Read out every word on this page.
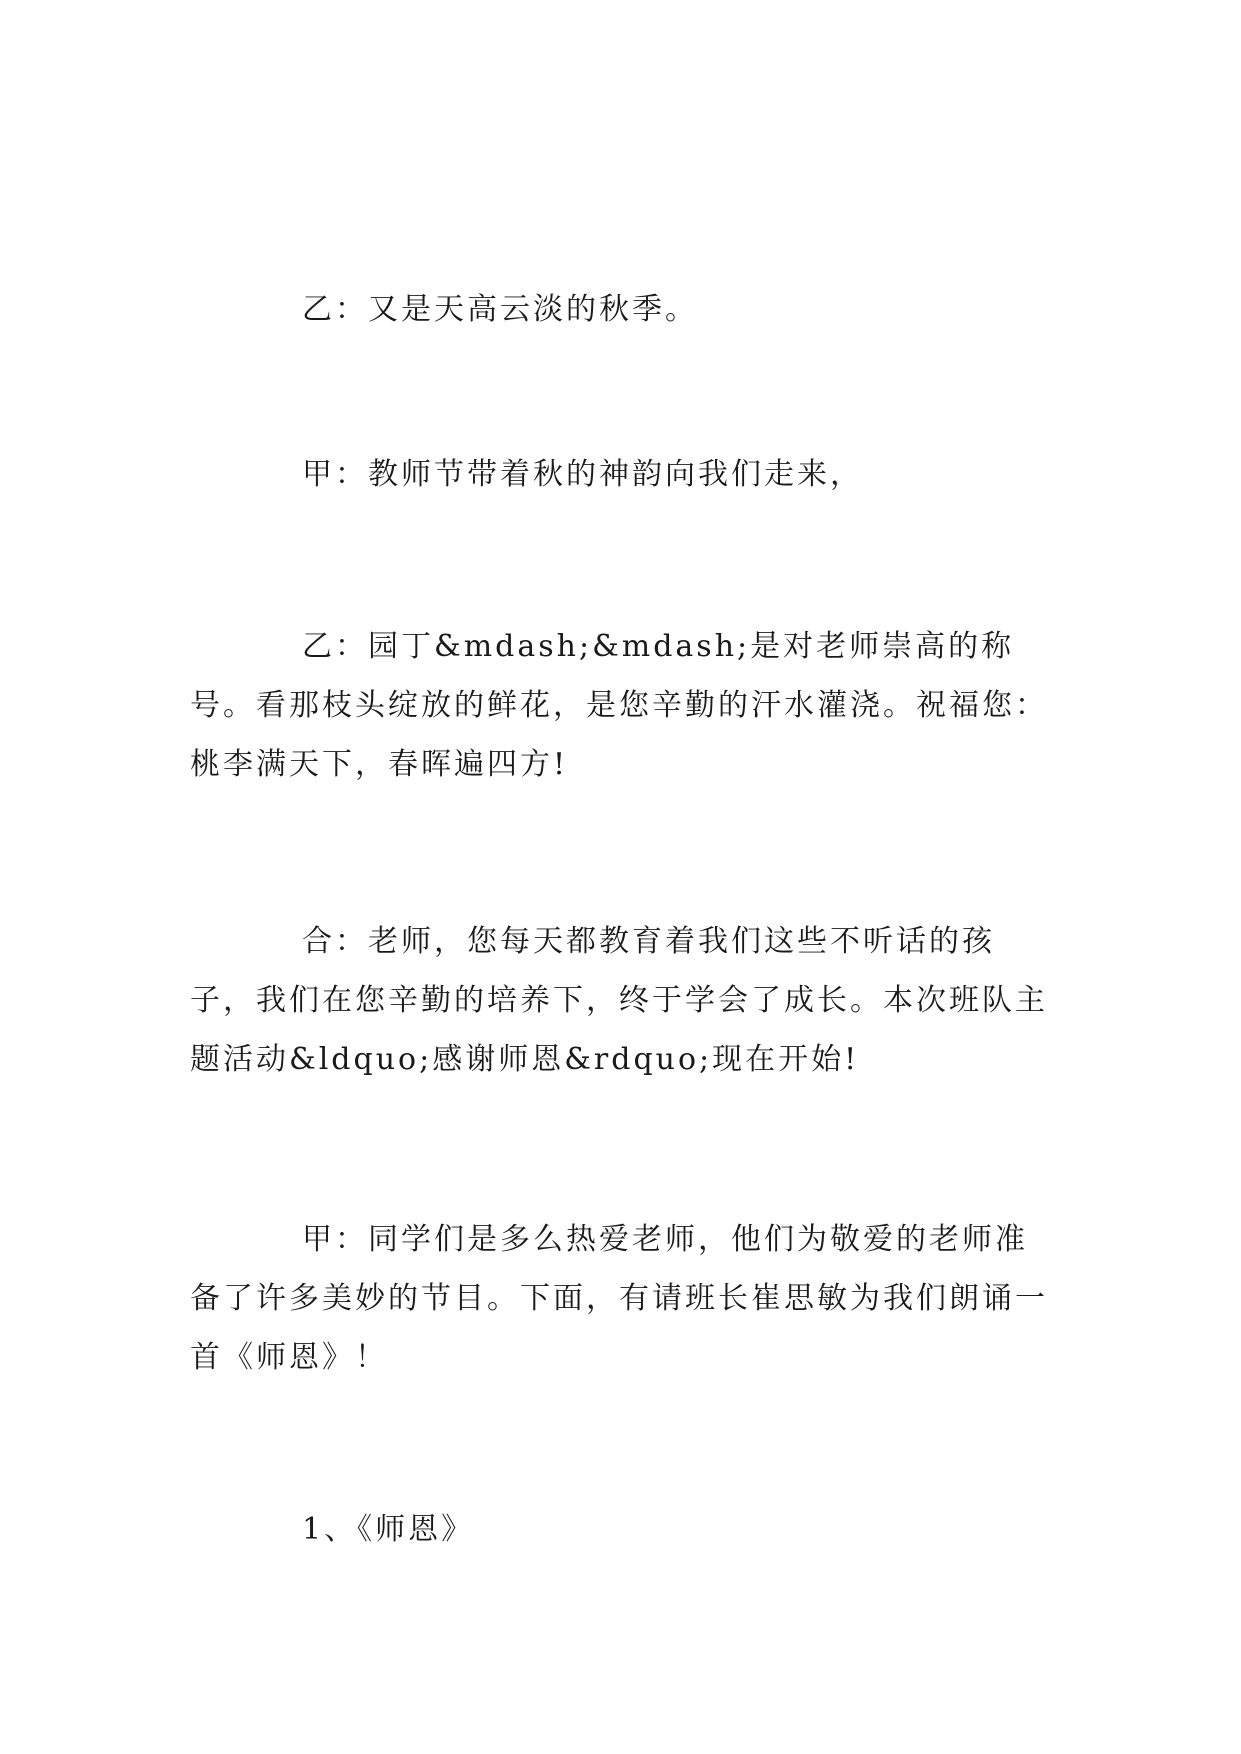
乙：又是天高云淡的秋季。

甲：教师节带着秋的神韵向我们走来，

乙：园丁&mdash;&mdash;是对老师崇高的称号。看那枝头绽放的鲜花，是您辛勤的汗水灌浇。祝福您：桃李满天下，春晖遍四方!

合：老师，您每天都教育着我们这些不听话的孩子，我们在您辛勤的培养下，终于学会了成长。本次班队主题活动&ldquo;感谢师恩&rdquo;现在开始!

甲：同学们是多么热爱老师，他们为敬爱的老师准备了许多美妙的节目。下面，有请班长崔思敏为我们朗诵一首《师恩》！

1、《师恩》
